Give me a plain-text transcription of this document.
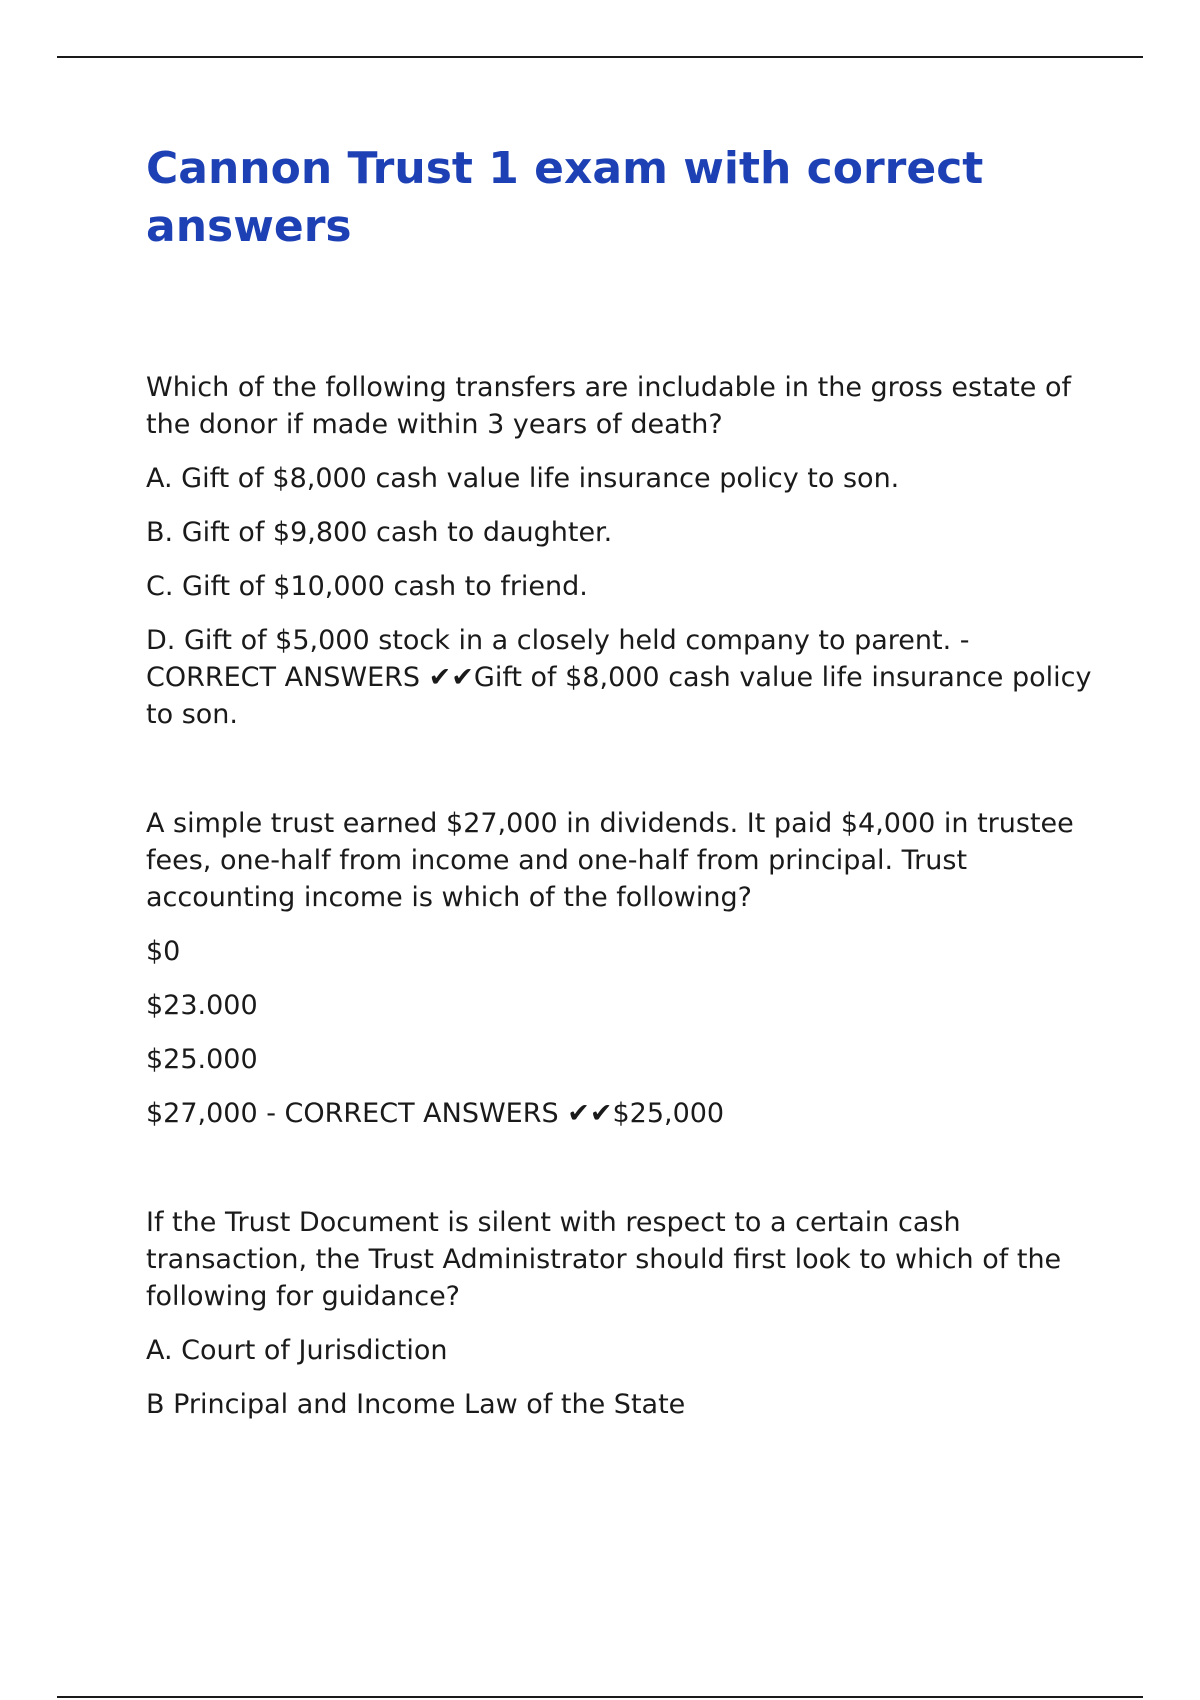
Cannon Trust 1 exam with correct answers

Which of the following transfers are includable in the gross estate of the donor if made within 3 years of death?

A. Gift of $8,000 cash value life insurance policy to son.

B. Gift of $9,800 cash to daughter.

C. Gift of $10,000 cash to friend.

D. Gift of $5,000 stock in a closely held company to parent. - CORRECT ANSWERS ✔✔Gift of $8,000 cash value life insurance policy to son.

A simple trust earned $27,000 in dividends. It paid $4,000 in trustee fees, one-half from income and one-half from principal. Trust accounting income is which of the following?

$0

$23.000

$25.000

$27,000 - CORRECT ANSWERS ✔✔$25,000

If the Trust Document is silent with respect to a certain cash transaction, the Trust Administrator should first look to which of the following for guidance?

A. Court of Jurisdiction

B Principal and Income Law of the State
